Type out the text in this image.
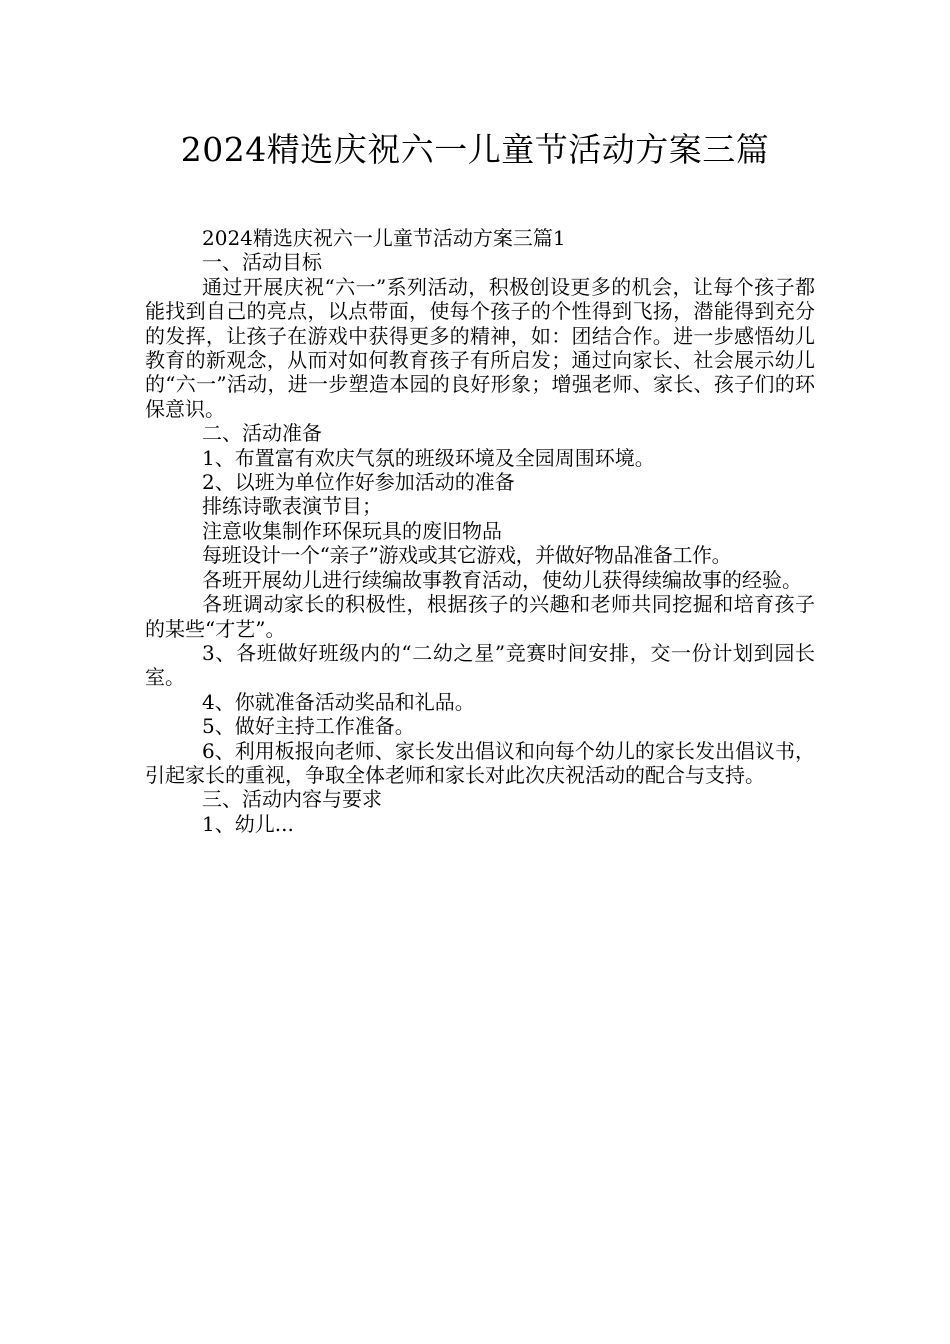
2024精选庆祝六一儿童节活动方案三篇

2024精选庆祝六一儿童节活动方案三篇1

一、活动目标

通过开展庆祝“六一”系列活动，积极创设更多的机会，让每个孩子都能找到自己的亮点，以点带面，使每个孩子的个性得到飞扬，潜能得到充分的发挥，让孩子在游戏中获得更多的精神，如：团结合作。进一步感悟幼儿教育的新观念，从而对如何教育孩子有所启发；通过向家长、社会展示幼儿的“六一”活动，进一步塑造本园的良好形象；增强老师、家长、孩子们的环保意识。

二、活动准备

1、布置富有欢庆气氛的班级环境及全园周围环境。

2、以班为单位作好参加活动的准备

排练诗歌表演节目；

注意收集制作环保玩具的废旧物品

每班设计一个“亲子”游戏或其它游戏，并做好物品准备工作。

各班开展幼儿进行续编故事教育活动，使幼儿获得续编故事的经验。

各班调动家长的积极性，根据孩子的兴趣和老师共同挖掘和培育孩子的某些“才艺”。

3、各班做好班级内的“二幼之星”竞赛时间安排，交一份计划到园长室。

4、你就准备活动奖品和礼品。

5、做好主持工作准备。

6、利用板报向老师、家长发出倡议和向每个幼儿的家长发出倡议书，引起家长的重视，争取全体老师和家长对此次庆祝活动的配合与支持。

三、活动内容与要求

1、幼儿...
